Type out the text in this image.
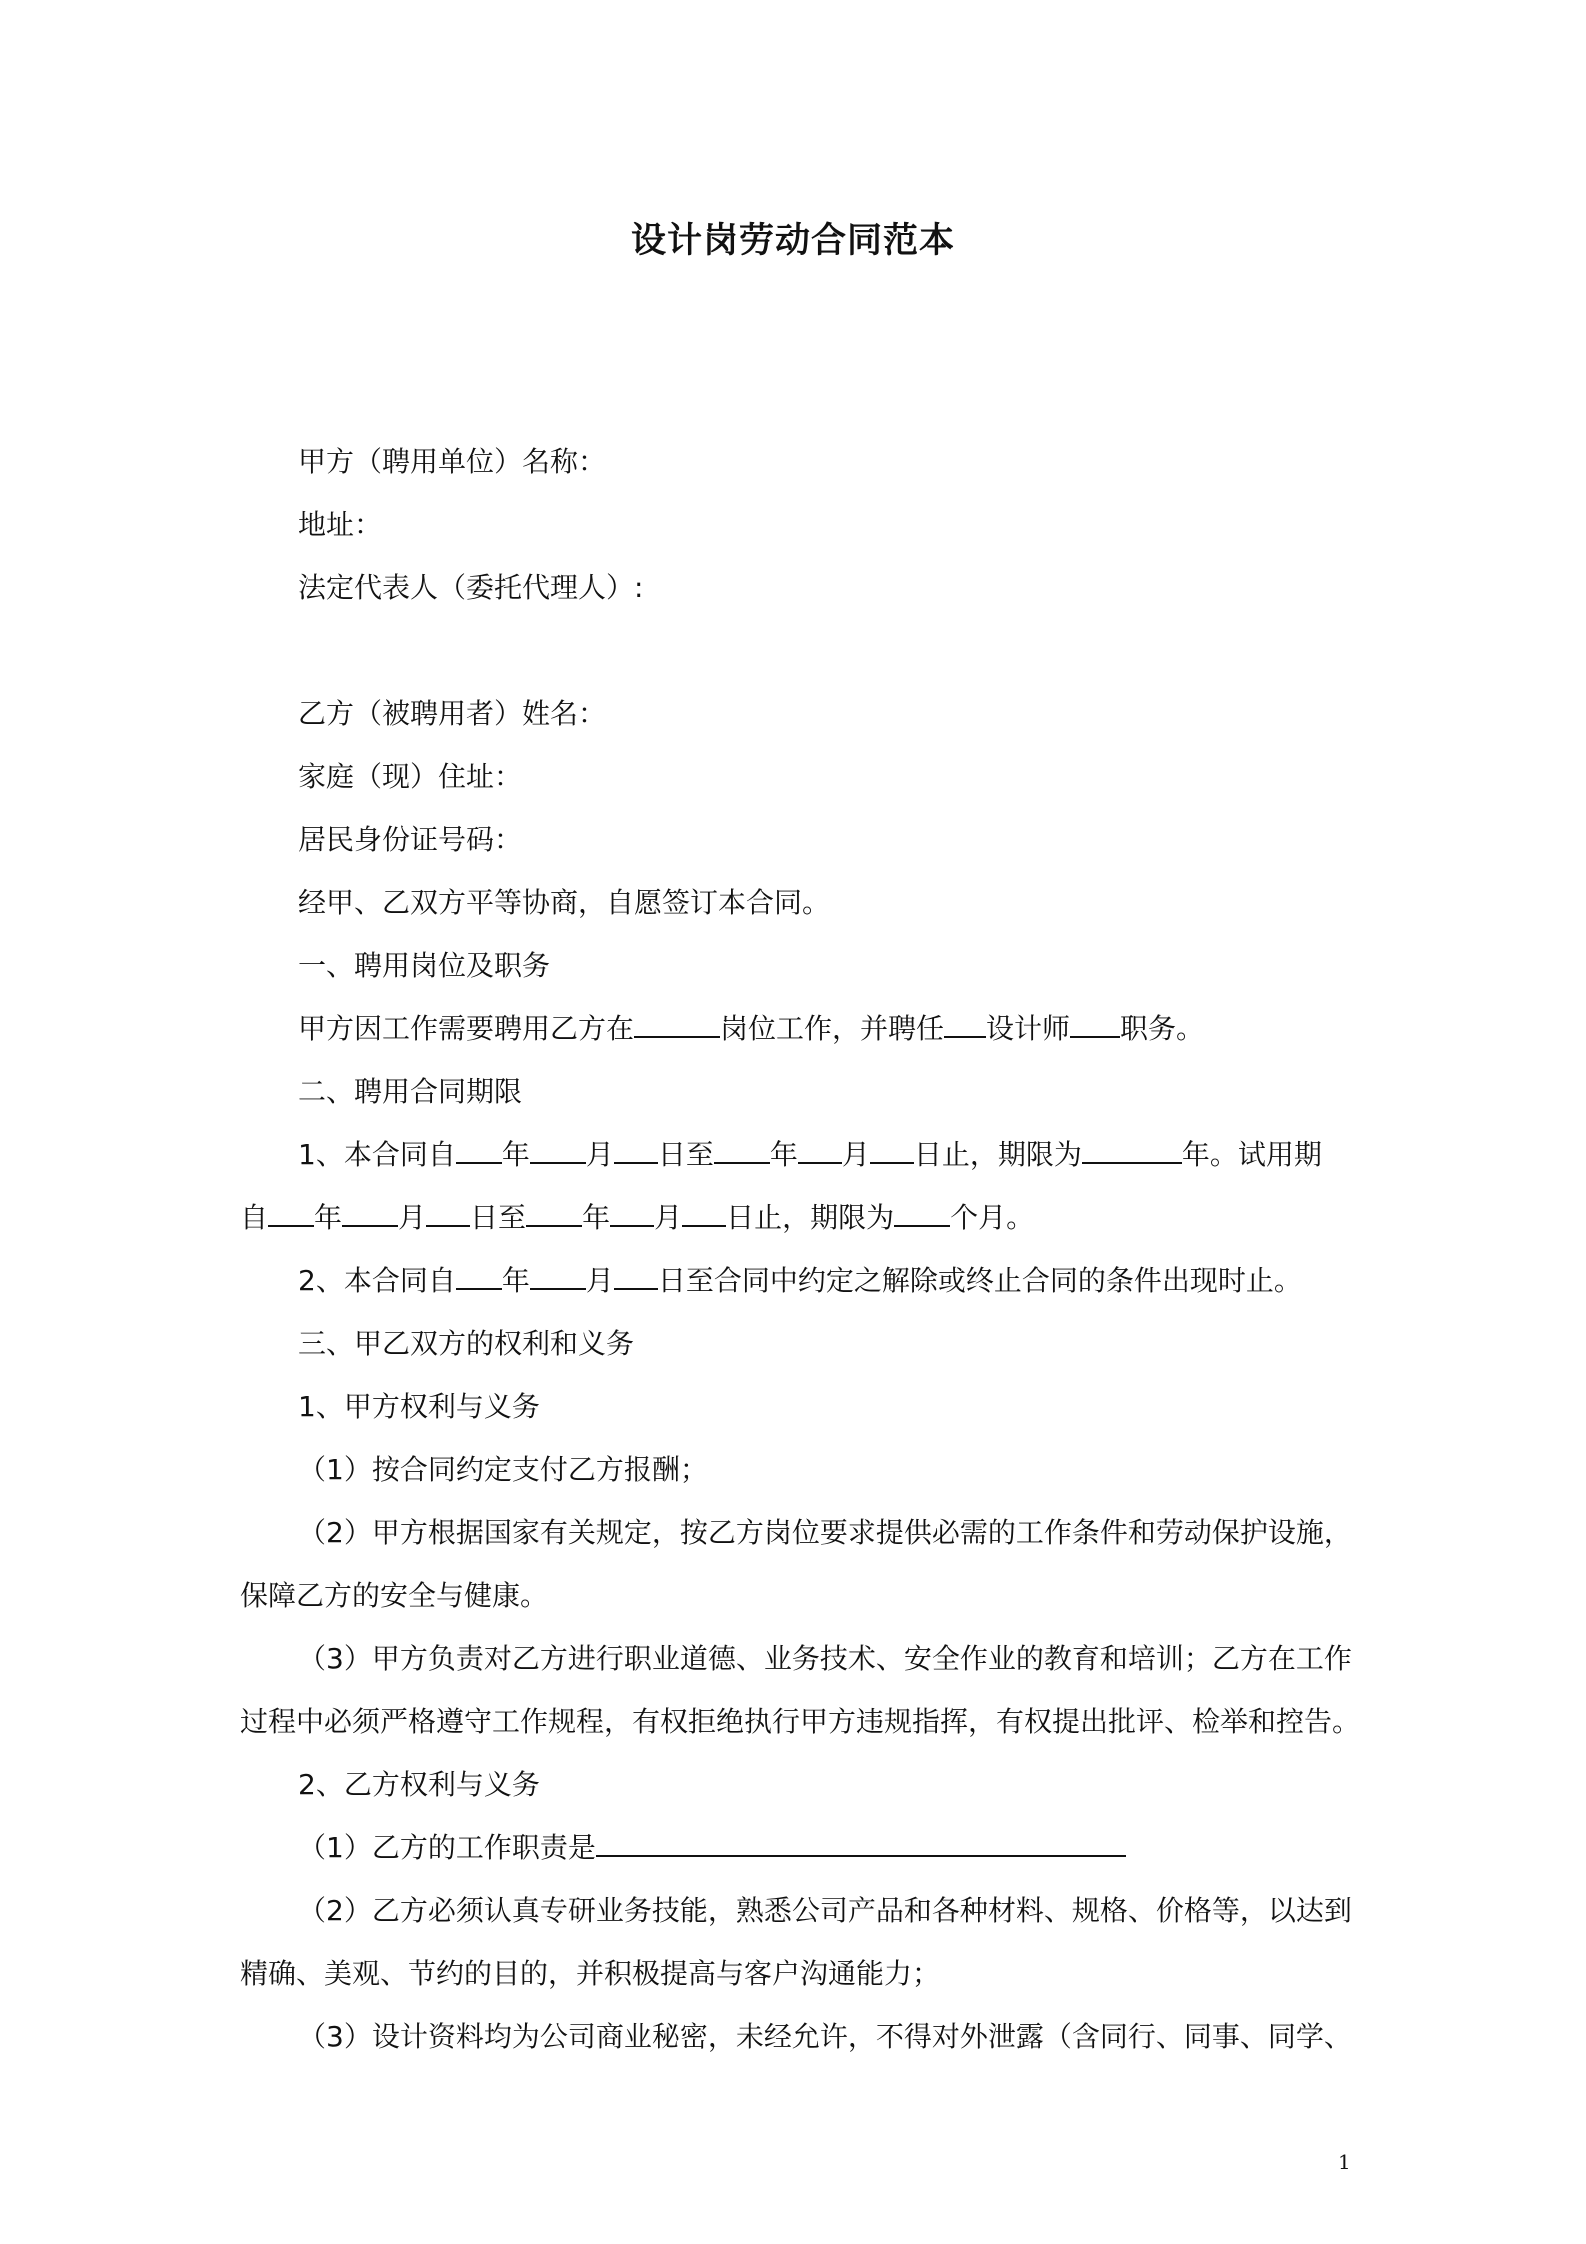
设计岗劳动合同范本

甲方（聘用单位）名称：

地址：

法定代表人（委托代理人）:

乙方（被聘用者）姓名：

家庭（现）住址：

居民身份证号码：

经甲、乙双方平等协商，自愿签订本合同。

一、聘用岗位及职务

甲方因工作需要聘用乙方在	岗位工作，并聘任 设计师 职务。

二、聘用合同期限

1、本合同自 年 月 日至 年 月 日止，期限为	年。试用期

自 年 月 日至 年 月 日止，期限为 个月。

2、本合同自 年 月 日至合同中约定之解除或终止合同的条件出现时止。

三、甲乙双方的权利和义务

1、甲方权利与义务

（1）按合同约定支付乙方报酬；

（2）甲方根据国家有关规定，按乙方岗位要求提供必需的工作条件和劳动保护设施，

保障乙方的安全与健康。

（3）甲方负责对乙方进行职业道德、业务技术、安全作业的教育和培训；乙方在工作

过程中必须严格遵守工作规程，有权拒绝执行甲方违规指挥，有权提出批评、检举和控告。

2、乙方权利与义务

（1）乙方的工作职责是

（2）乙方必须认真专研业务技能，熟悉公司产品和各种材料、规格、价格等，以达到

精确、美观、节约的目的，并积极提高与客户沟通能力；

（3）设计资料均为公司商业秘密，未经允许，不得对外泄露（含同行、同事、同学、

1
